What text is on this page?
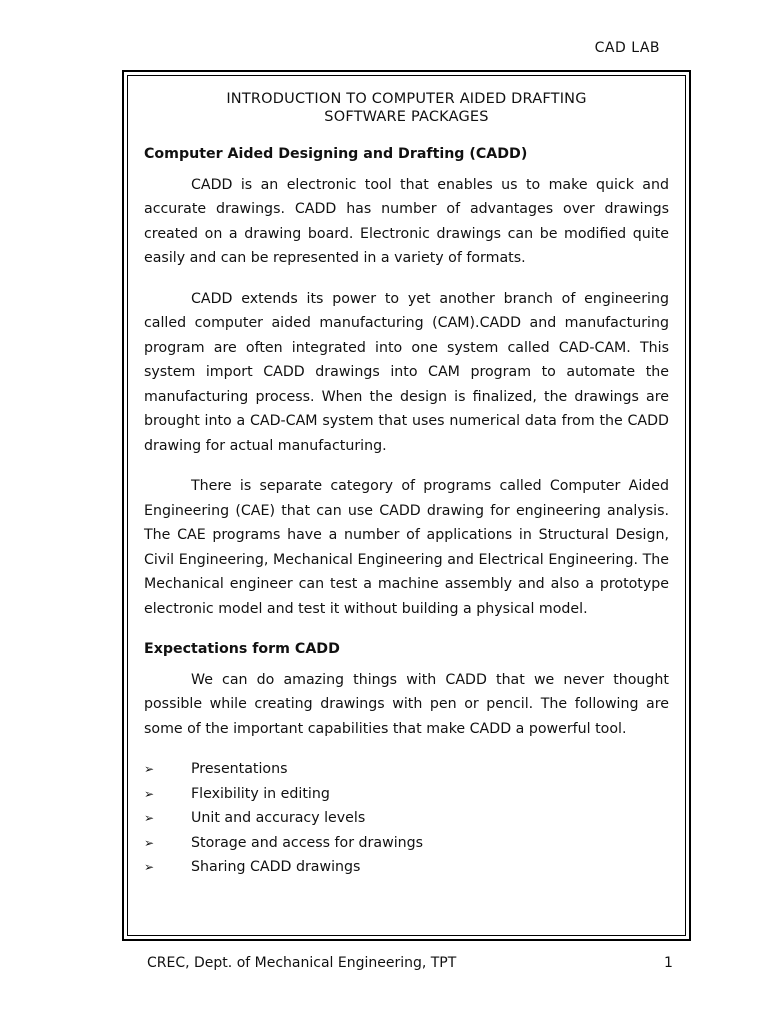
CAD LAB
INTRODUCTION TO COMPUTER AIDED DRAFTING
SOFTWARE PACKAGES
Computer Aided Designing and Drafting (CADD)

CADD is an electronic tool that enables us to make quick and accurate drawings. CADD has number of advantages over drawings created on a drawing board. Electronic drawings can be modified quite easily and can be represented in a variety of formats.

CADD extends its power to yet another branch of engineering called computer aided manufacturing (CAM).CADD and manufacturing program are often integrated into one system called CAD-CAM. This system import CADD drawings into CAM program to automate the manufacturing process. When the design is finalized, the drawings are brought into a CAD-CAM system that uses numerical data from the CADD drawing for actual manufacturing.

There is separate category of programs called Computer Aided Engineering (CAE) that can use CADD drawing for engineering analysis. The CAE programs have a number of applications in Structural Design, Civil Engineering, Mechanical Engineering and Electrical Engineering. The Mechanical engineer can test a machine assembly and also a prototype electronic model and test it without building a physical model.

Expectations form CADD

We can do amazing things with CADD that we never thought possible while creating drawings with pen or pencil. The following are some of the important capabilities that make CADD a powerful tool.

➢	Presentations
➢	Flexibility in editing
➢	Unit and accuracy levels
➢	Storage and access for drawings
➢	Sharing CADD drawings
CREC, Dept. of Mechanical Engineering, TPT	1
